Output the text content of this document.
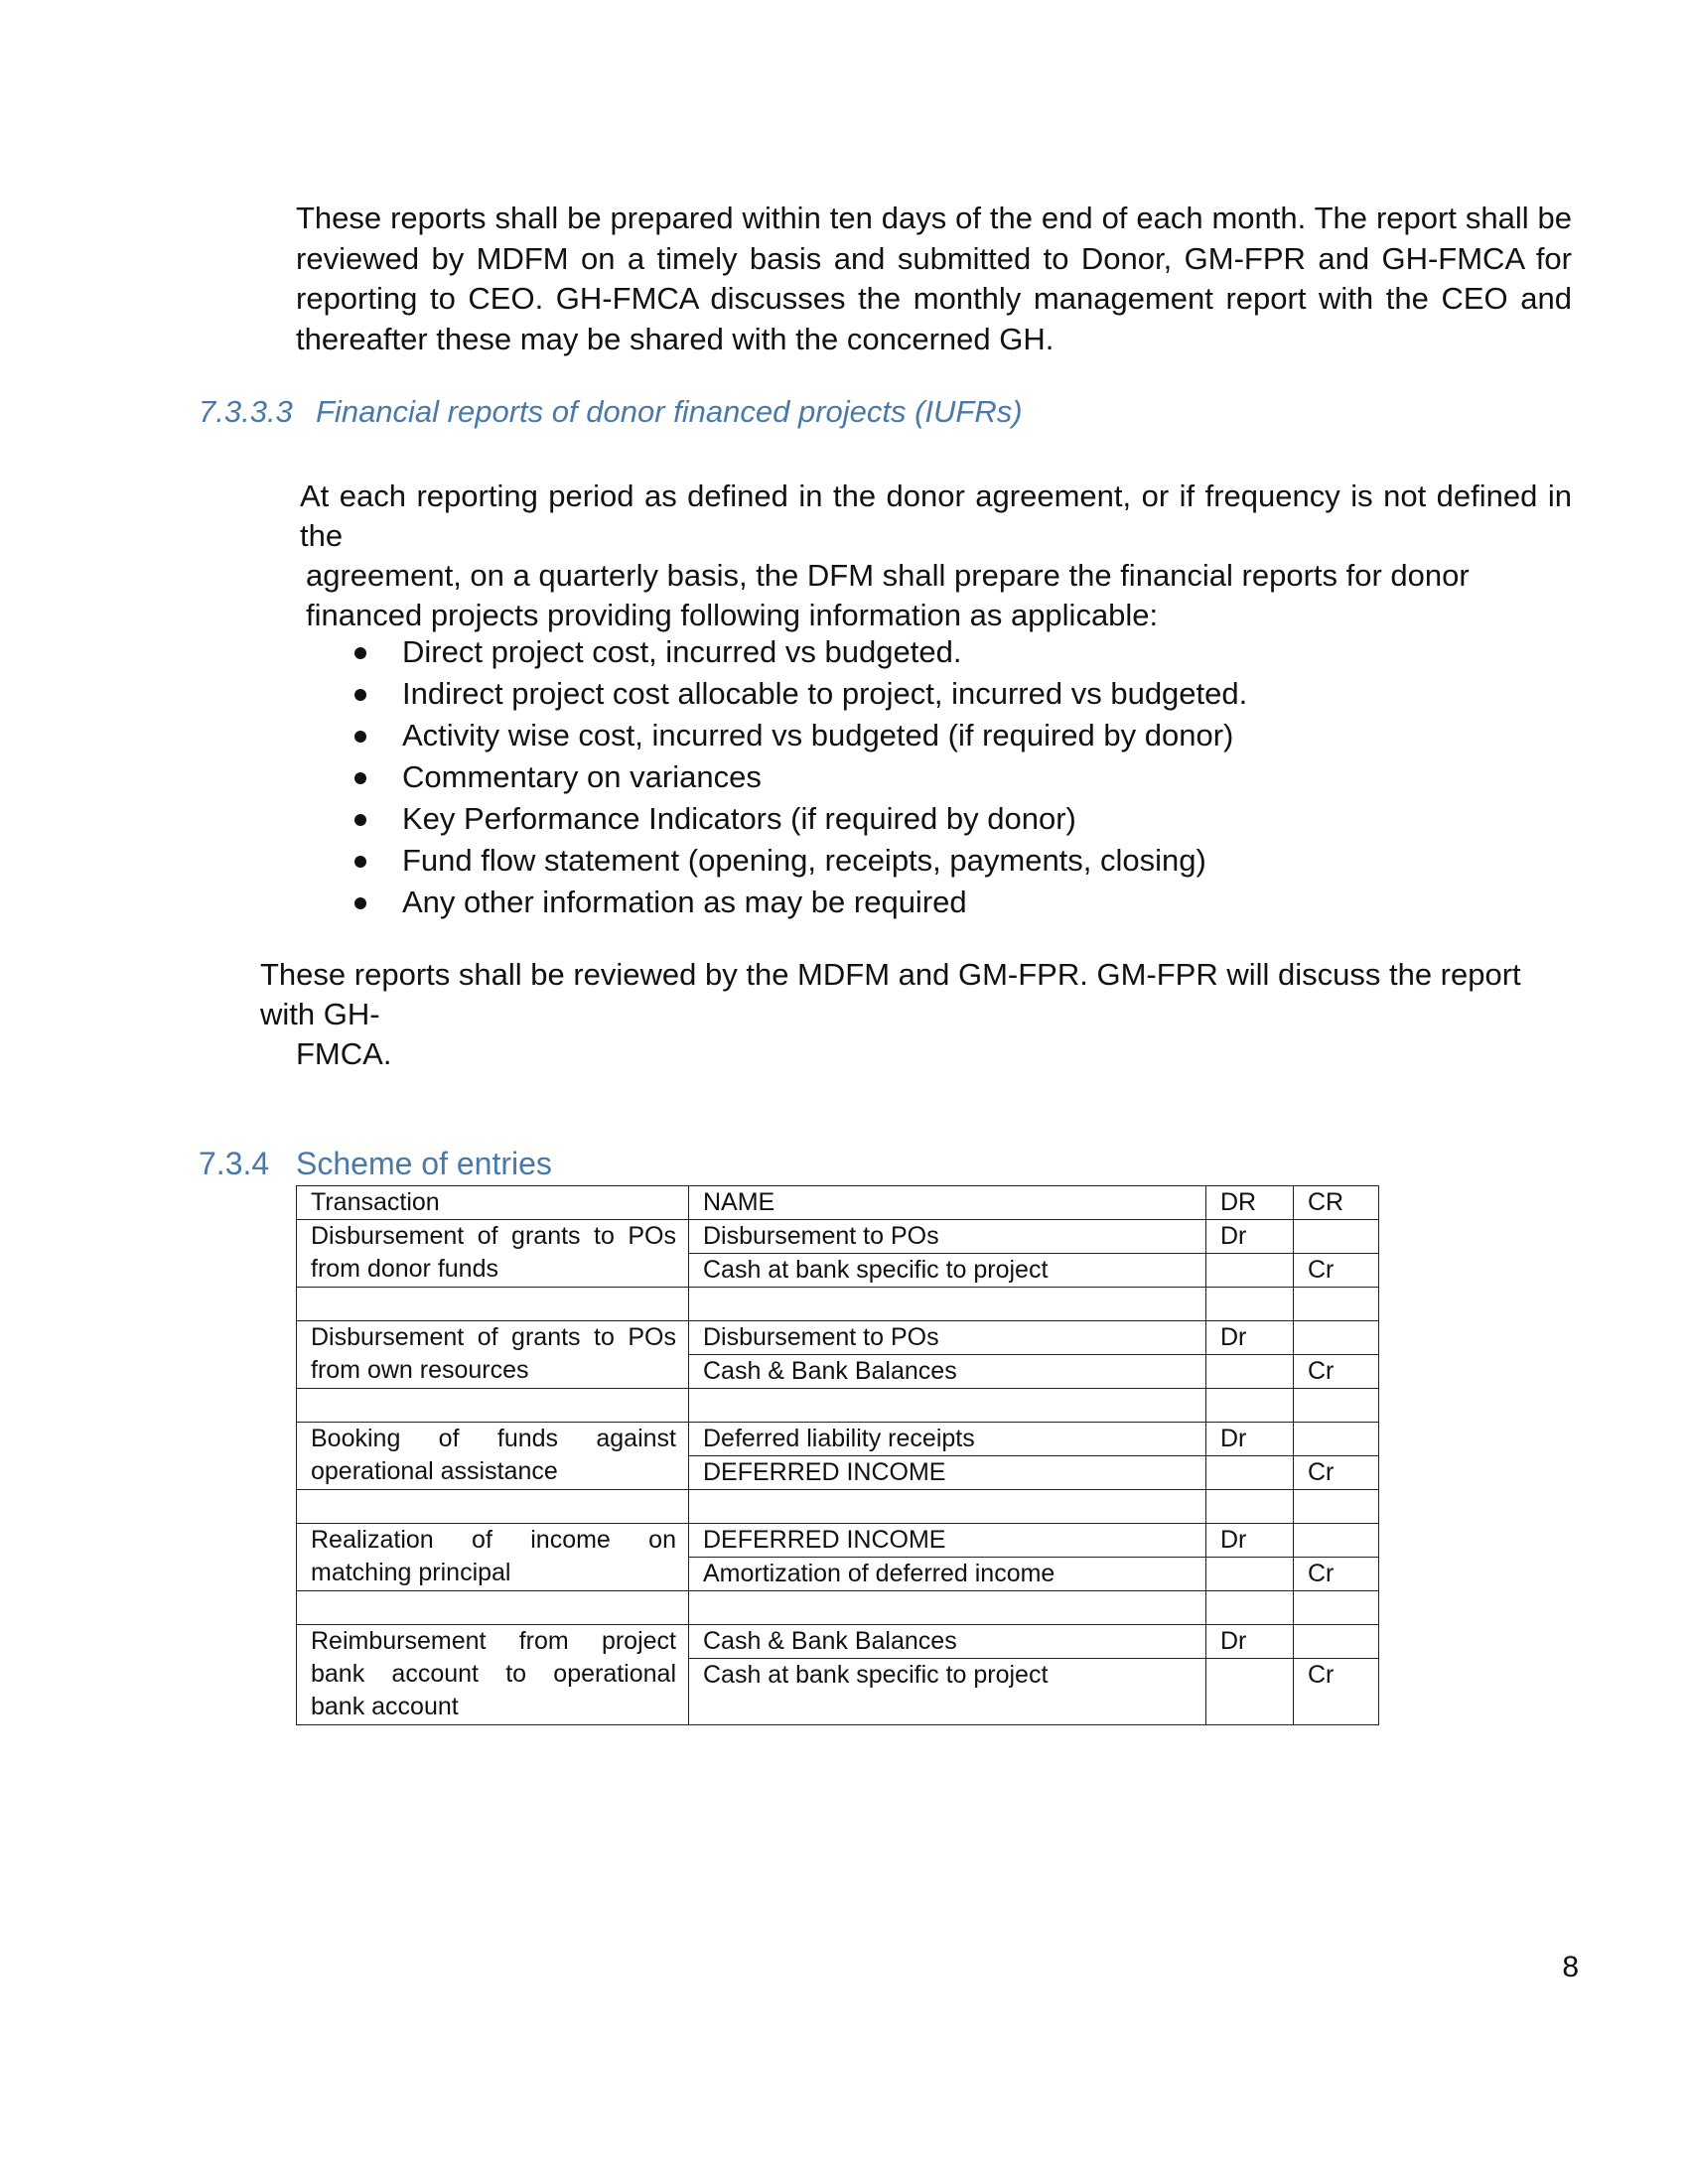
These reports shall be prepared within ten days of the end of each month. The report shall be reviewed by MDFM on a timely basis and submitted to Donor, GM-FPR and GH-FMCA for reporting to CEO. GH-FMCA discusses the monthly management report with the CEO and thereafter these may be shared with the concerned GH.

7.3.3.3 Financial reports of donor financed projects (IUFRs)

At each reporting period as defined in the donor agreement, or if frequency is not defined in the

agreement, on a quarterly basis, the DFM shall prepare the financial reports for donor financed projects providing following information as applicable:

Direct project cost, incurred vs budgeted.
Indirect project cost allocable to project, incurred vs budgeted.
Activity wise cost, incurred vs budgeted (if required by donor)
Commentary on variances
Key Performance Indicators (if required by donor)
Fund flow statement (opening, receipts, payments, closing)
Any other information as may be required

These reports shall be reviewed by the MDFM and GM-FPR. GM-FPR will discuss the report with GH-

FMCA.

7.3.4 Scheme of entries
Transaction	NAME	DR	CR

Disbursement of grants to POs
from donor funds	Disbursement to POs	Dr	
	Cash at bank specific to project		Cr

Disbursement of grants to POs
from own resources	Disbursement to POs	Dr	
	Cash & Bank Balances		Cr

Booking of funds against
operational assistance	Deferred liability receipts	Dr	
	DEFERRED INCOME		Cr

Realization of income on
matching principal	DEFERRED INCOME	Dr	
	Amortization of deferred income		Cr

Reimbursement from project
bank account to operational
bank account	Cash & Bank Balances	Dr	
	Cash at bank specific to project		Cr
8
